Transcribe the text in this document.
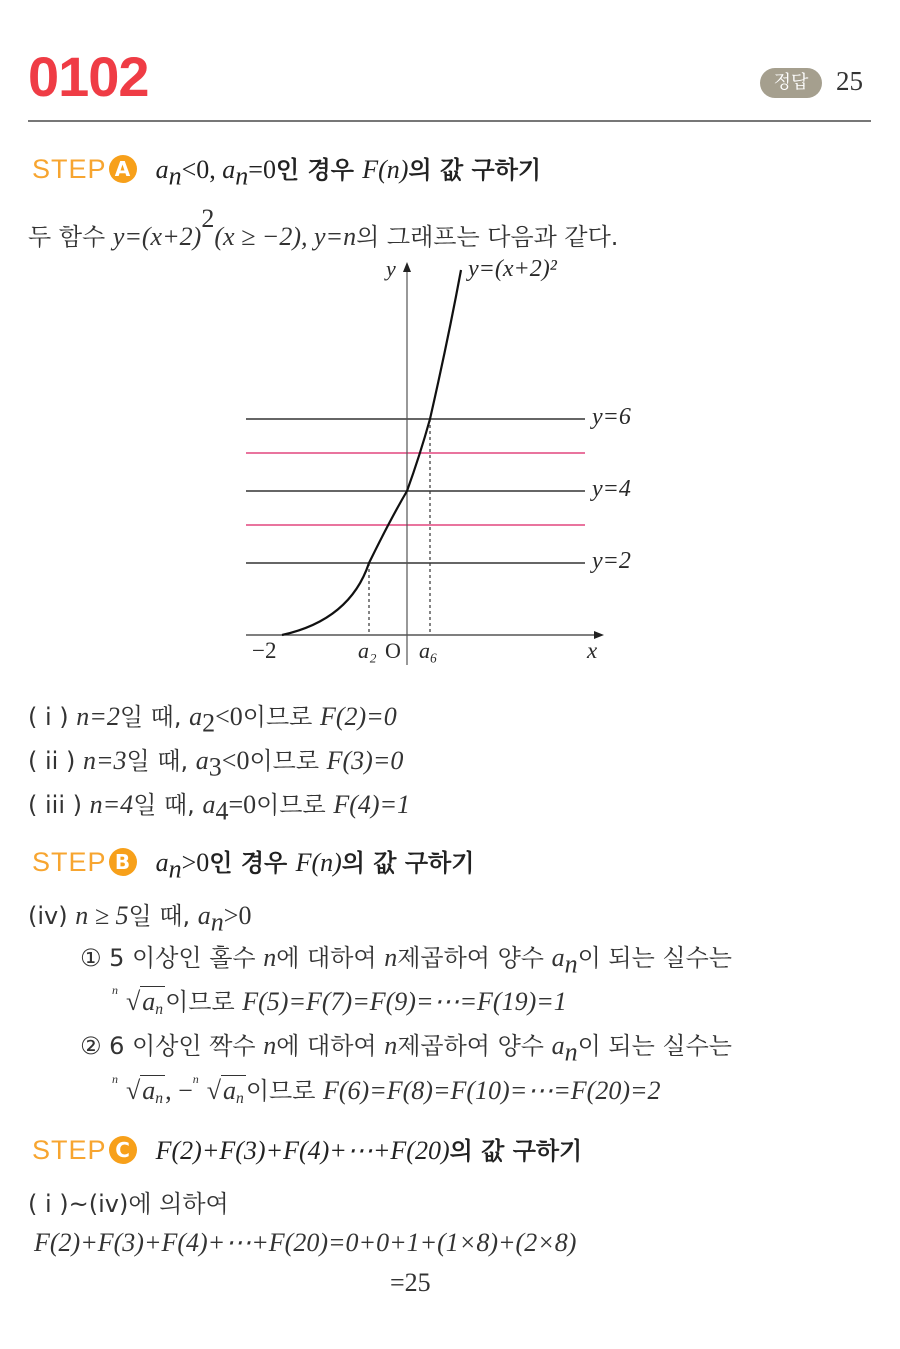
0102	정답	25
STEP A an<0, an=0인 경우 F(n)의 값 구하기
두 함수 y=(x+2)2(x ≥ −2), y=n의 그래프는 다음과 같다.
y	y=(x+2)²
y=6
y=4
y=2
−2	a₂ O a₆	x
( i ) n=2일 때, a2<0이므로 F(2)=0
( ii ) n=3일 때, a3<0이므로 F(3)=0
( iii ) n=4일 때, a4=0이므로 F(4)=1
STEP B an>0인 경우 F(n)의 값 구하기
(iv) n ≥ 5일 때, an>0
① 5 이상인 홀수 n에 대하여 n제곱하여 양수 an이 되는 실수는
n $√a_n$이므로 F(5)=F(7)=F(9)=⋯=F(19)=1
② 6 이상인 짝수 n에 대하여 n제곱하여 양수 an이 되는 실수는
n $√a_n$, − n $√a_n$이므로 F(6)=F(8)=F(10)=⋯=F(20)=2
STEP C F(2)+F(3)+F(4)+⋯+F(20)의 값 구하기
( i )~(iv)에 의하여
F(2)+F(3)+F(4)+⋯+F(20)=0+0+1+(1×8)+(2×8)
=25
